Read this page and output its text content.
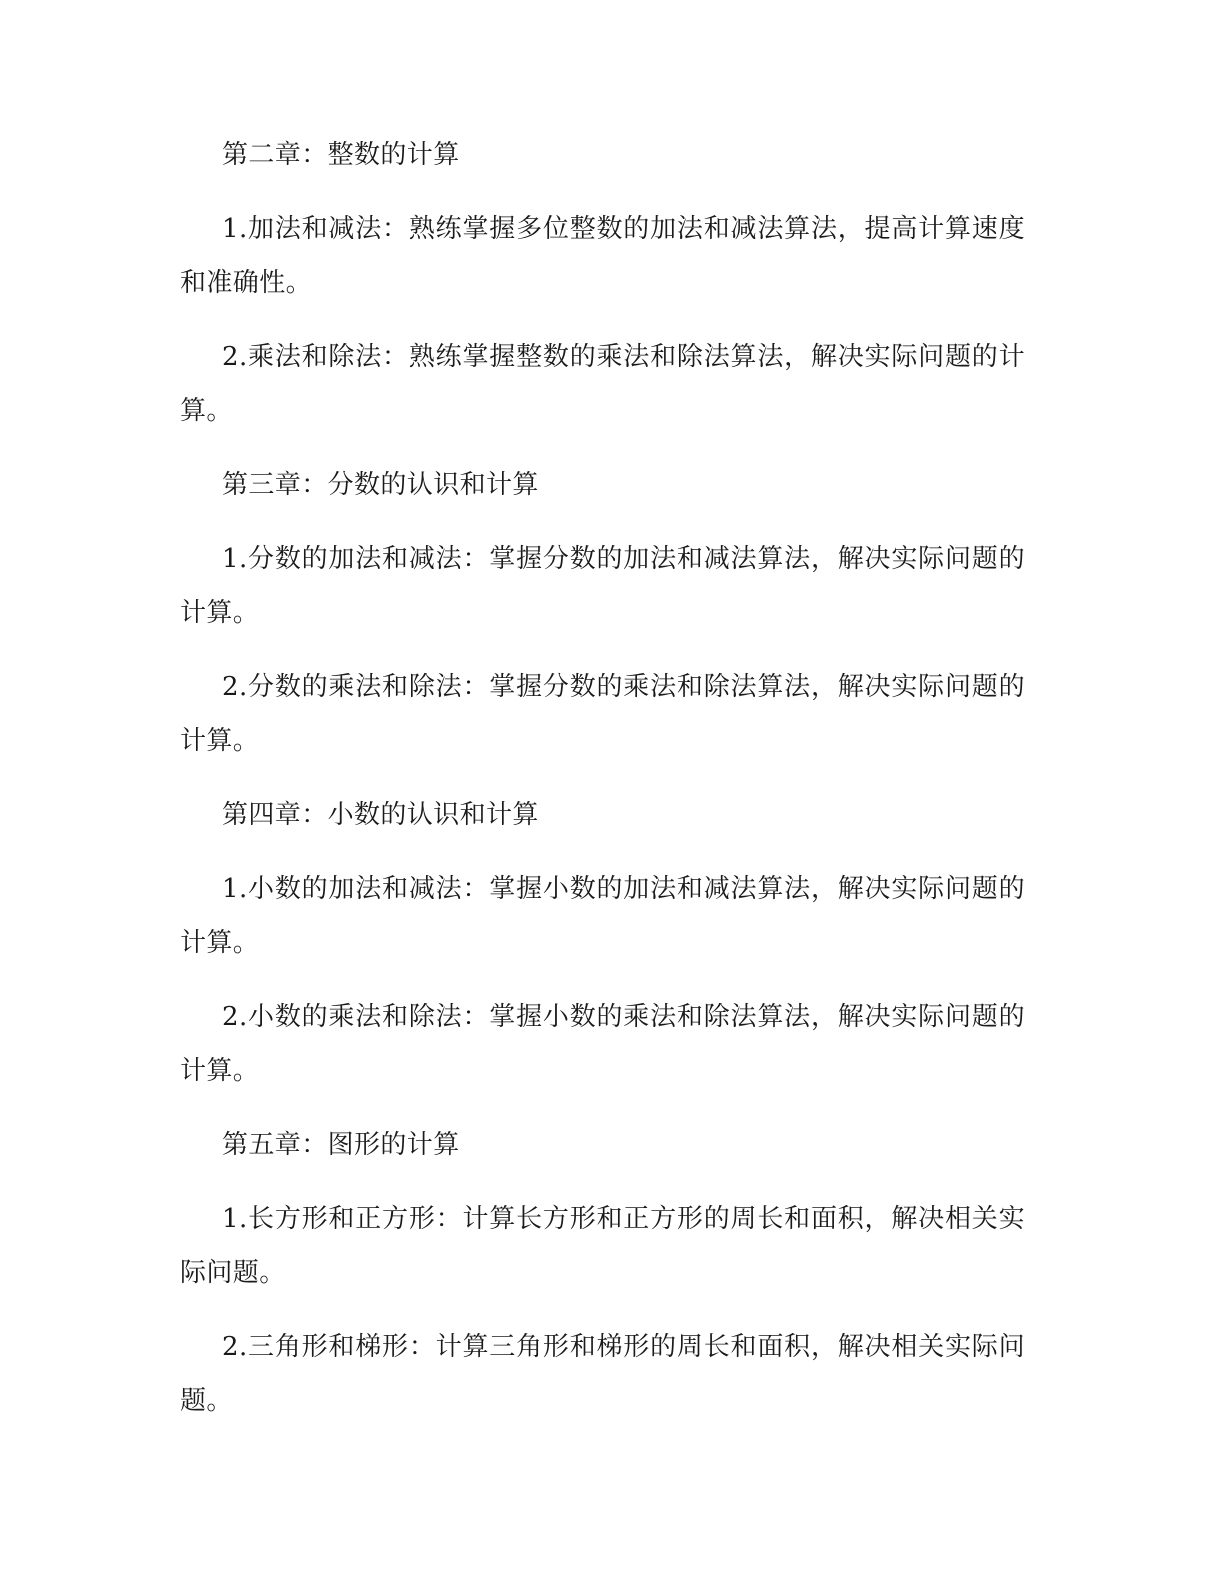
第二章：整数的计算

1.加法和减法：熟练掌握多位整数的加法和减法算法，提高计算速度和准确性。

2.乘法和除法：熟练掌握整数的乘法和除法算法，解决实际问题的计算。

第三章：分数的认识和计算

1.分数的加法和减法：掌握分数的加法和减法算法，解决实际问题的计算。

2.分数的乘法和除法：掌握分数的乘法和除法算法，解决实际问题的计算。

第四章：小数的认识和计算

1.小数的加法和减法：掌握小数的加法和减法算法，解决实际问题的计算。

2.小数的乘法和除法：掌握小数的乘法和除法算法，解决实际问题的计算。

第五章：图形的计算

1.长方形和正方形：计算长方形和正方形的周长和面积，解决相关实际问题。

2.三角形和梯形：计算三角形和梯形的周长和面积，解决相关实际问题。
